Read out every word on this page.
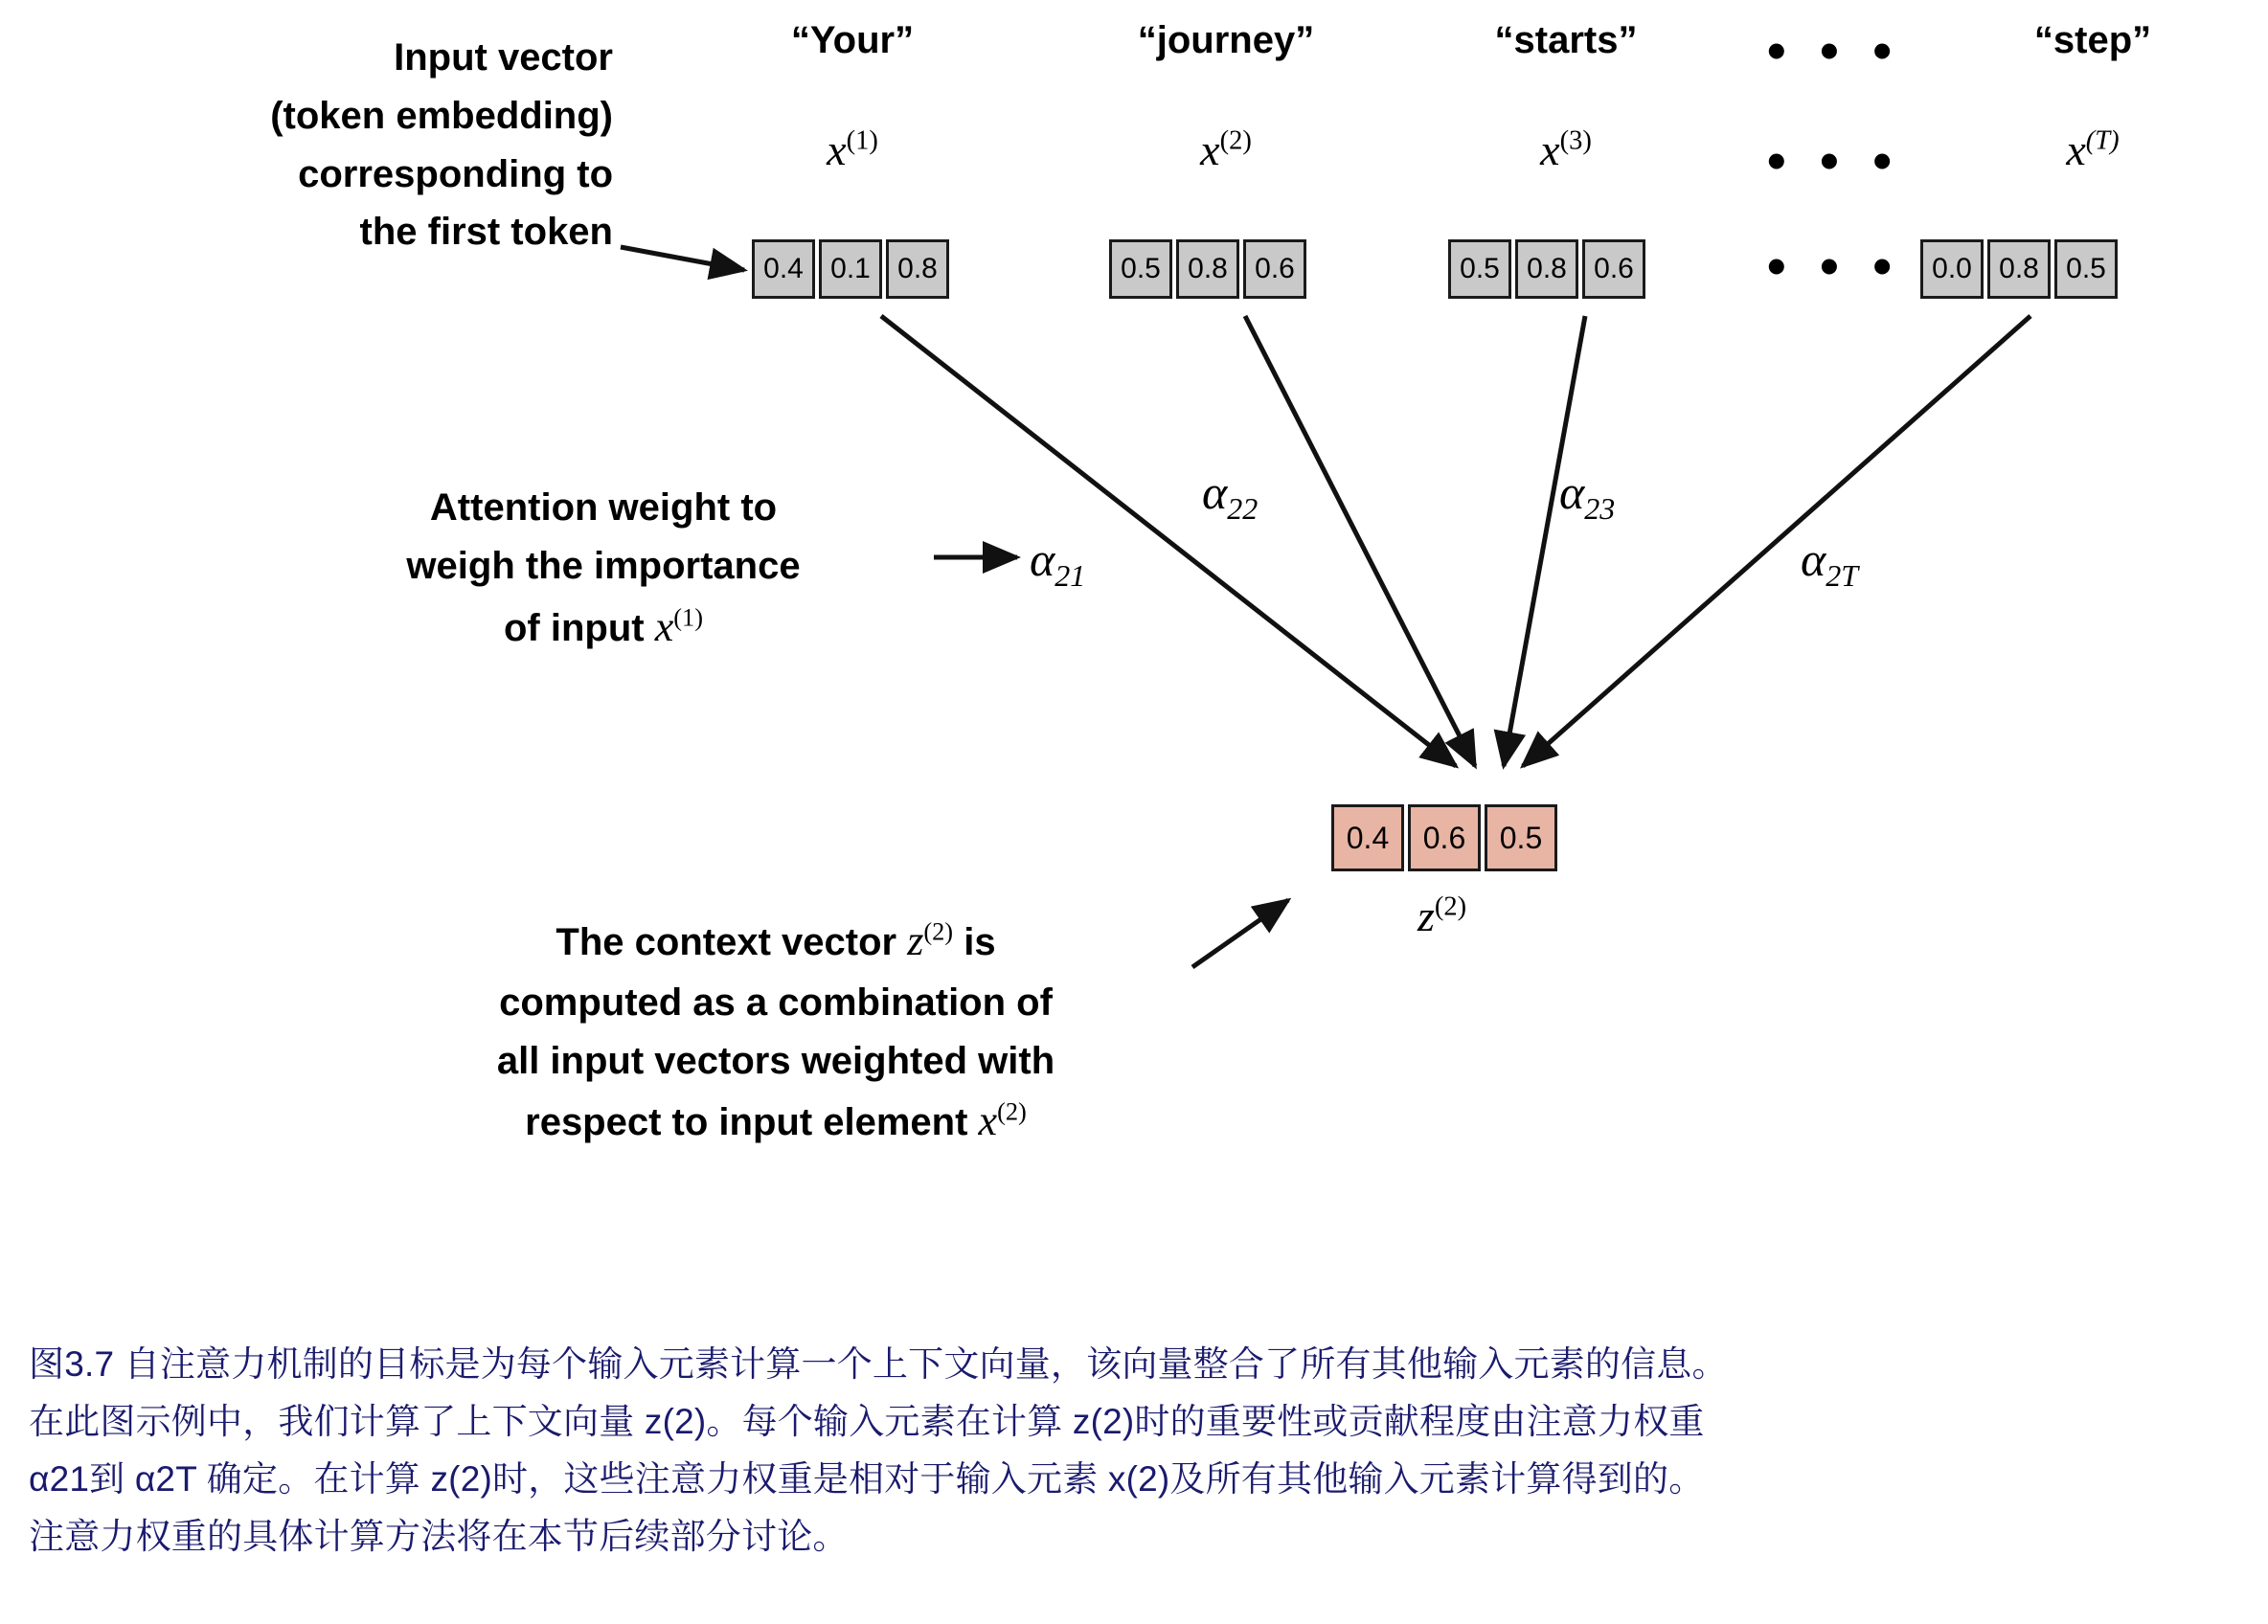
“Your”
$x^{(1)}$
0.4 0.1 0.8
“journey”
$x^{(2)}$
0.5 0.8 0.6
“starts”
$x^{(3)}$
0.5 0.8 0.6
• • •
• • •
• • •
“step”
$x^{(T)}$
0.0 0.8 0.5
Input vector
(token embedding)
corresponding to
the first token
Attention weight to
weigh the importance
of input $x^{(1)}$
$\alpha_{21}$
$\alpha_{22}$	$\alpha_{23}$
$\alpha_{2T}$
0.4	0.6	0.5
$z^{(2)}$
The context vector $z^{(2)}$ is
computed as a combination of
all input vectors weighted with
respect to input element $x^{(2)}$
图3.7 自注意力机制的目标是为每个输入元素计算一个上下文向量，该向量整合了所有其他输入元素的信息。
在此图示例中，我们计算了上下文向量 z(2)。每个输入元素在计算 z(2)时的重要性或贡献程度由注意力权重
α21到 α2T 确定。在计算 z(2)时，这些注意力权重是相对于输入元素 x(2)及所有其他输入元素计算得到的。
注意力权重的具体计算方法将在本节后续部分讨论。
